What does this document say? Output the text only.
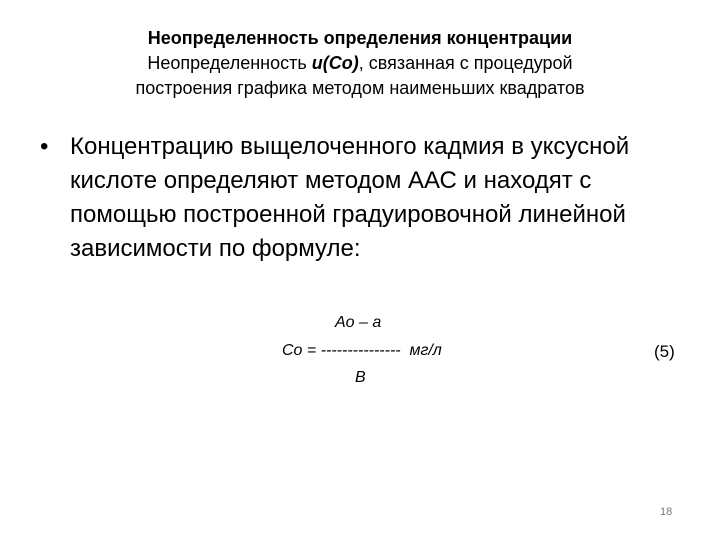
Неопределенность определения концентрации
Неопределенность u(Co), связанная с процедурой
построения графика методом наименьших квадратов
• Концентрацию выщелоченного кадмия в уксусной кислоте определяют методом ААС и находят с помощью построенной градуировочной линейной зависимости по формуле:
Ao – a
Co = ---------------  мг/л
B
(5)
18
